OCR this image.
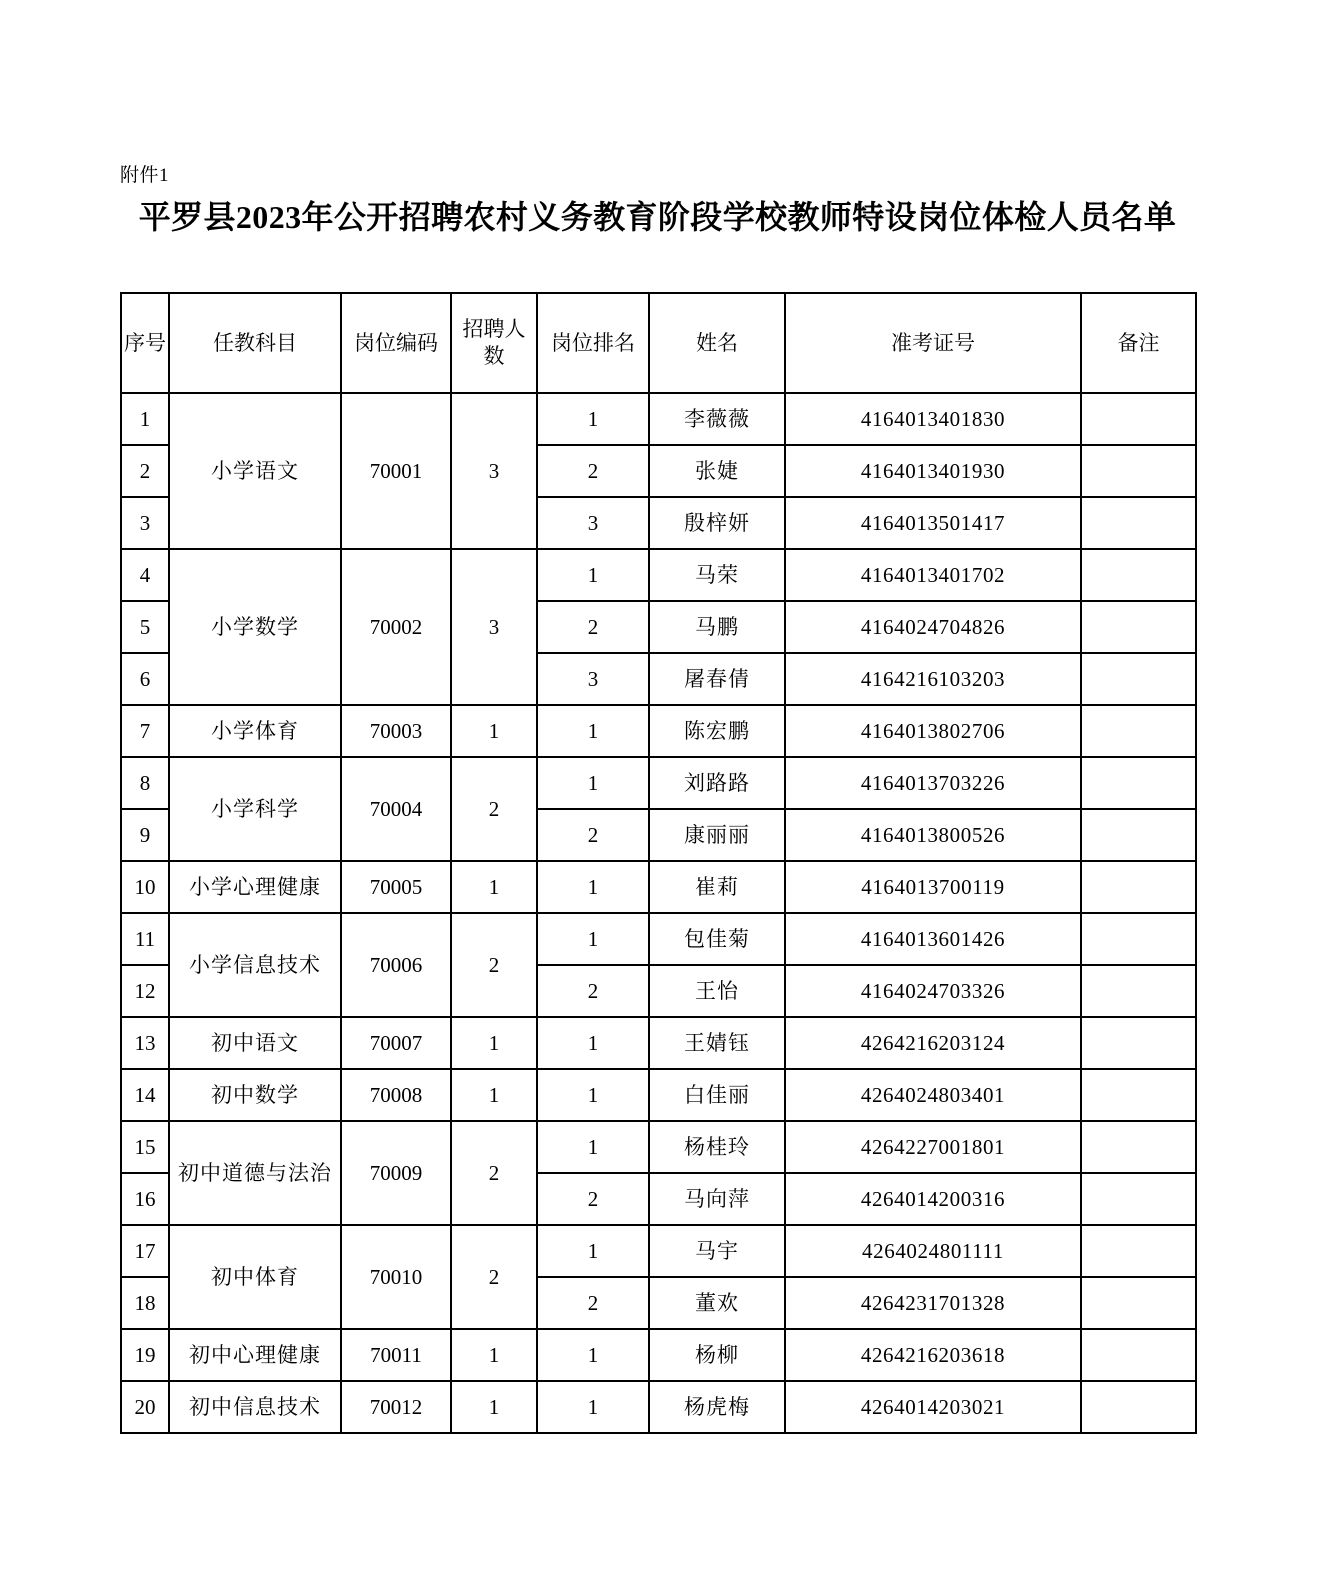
附件1
平罗县2023年公开招聘农村义务教育阶段学校教师特设岗位体检人员名单
序号	任教科目	岗位编码	招聘人数	岗位排名	姓名	准考证号	备注
1	小学语文	70001	3	1	李薇薇	4164013401830	
2				2	张婕	4164013401930	
3				3	殷梓妍	4164013501417	
4	小学数学	70002	3	1	马荣	4164013401702	
5				2	马鹏	4164024704826	
6				3	屠春倩	4164216103203	
7	小学体育	70003	1	1	陈宏鹏	4164013802706	
8	小学科学	70004	2	1	刘路路	4164013703226	
9				2	康丽丽	4164013800526	
10	小学心理健康	70005	1	1	崔莉	4164013700119	
11	小学信息技术	70006	2	1	包佳菊	4164013601426	
12				2	王怡	4164024703326	
13	初中语文	70007	1	1	王婧钰	4264216203124	
14	初中数学	70008	1	1	白佳丽	4264024803401	
15	初中道德与法治	70009	2	1	杨桂玲	4264227001801	
16				2	马向萍	4264014200316	
17	初中体育	70010	2	1	马宇	4264024801111	
18				2	董欢	4264231701328	
19	初中心理健康	70011	1	1	杨柳	4264216203618	
20	初中信息技术	70012	1	1	杨虎梅	4264014203021	
